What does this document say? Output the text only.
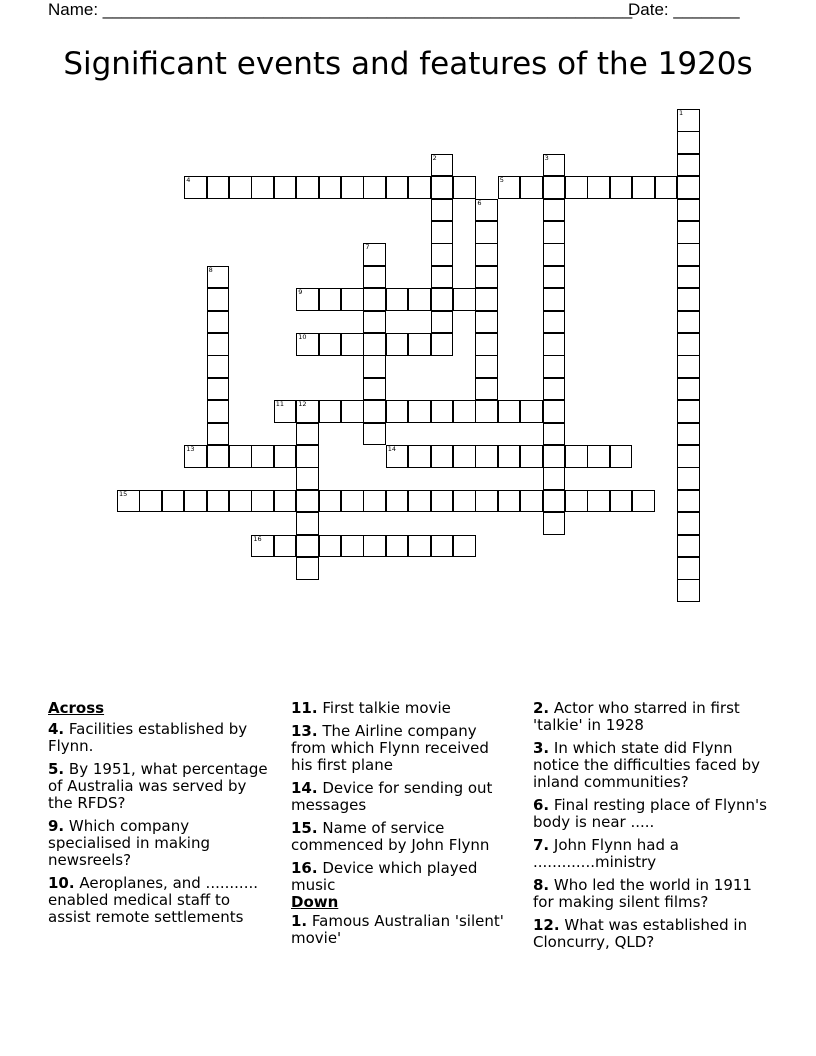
Name: ________________________________________________________
Date: _______
Significant events and features of the 1920s
1
2	3
4	5
6
7
8
9
10
11 12
13	14
15
16
Across
4. Facilities established by Flynn.
5. By 1951, what percentage of Australia was served by the RFDS?
9. Which company specialised in making newsreels?
10. Aeroplanes, and ........... enabled medical staff to assist remote settlements
11. First talkie movie
13. The Airline company from which Flynn received his first plane
14. Device for sending out messages
15. Name of service commenced by John Flynn
16. Device which played music
Down
1. Famous Australian 'silent' movie'
2. Actor who starred in first 'talkie' in 1928
3. In which state did Flynn notice the difficulties faced by inland communities?
6. Final resting place of Flynn's body is near .....
7. John Flynn had a .............ministry
8. Who led the world in 1911 for making silent films?
12. What was established in Cloncurry, QLD?
